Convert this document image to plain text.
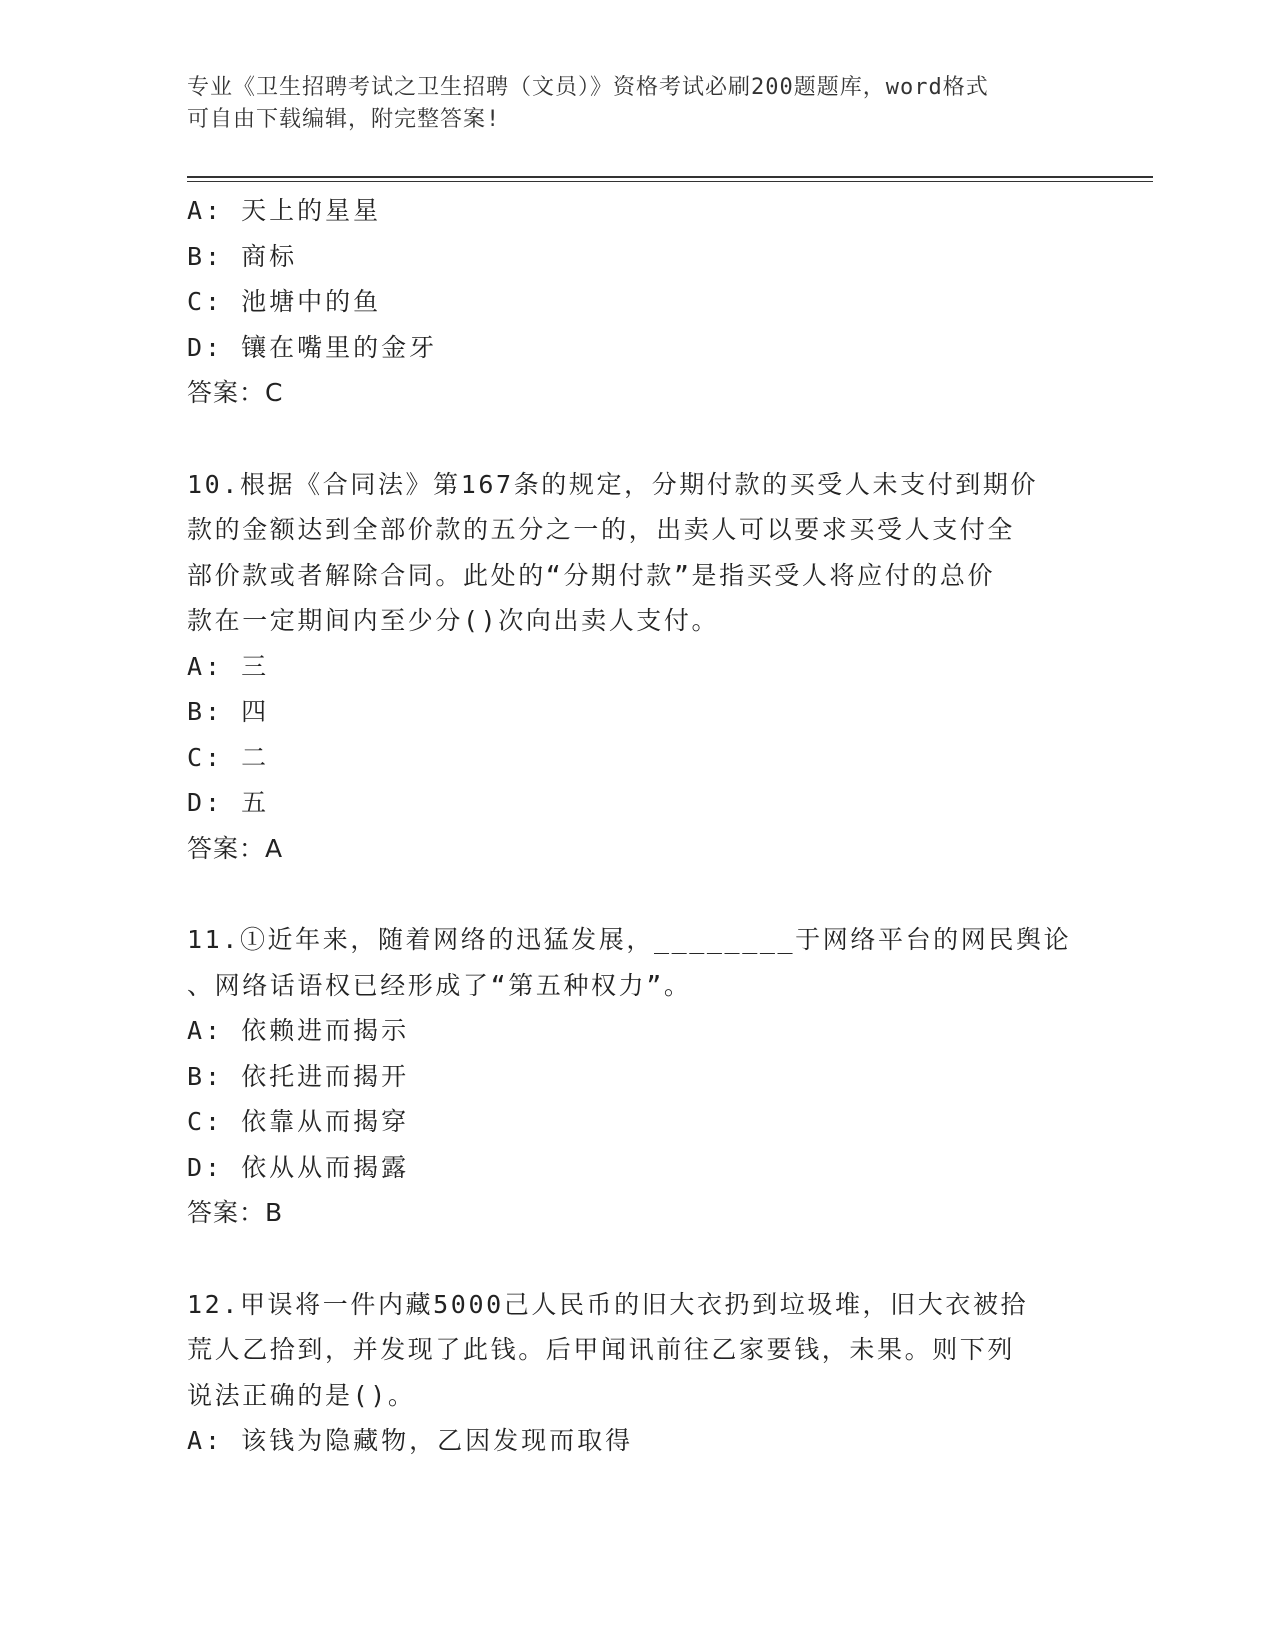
专业《卫生招聘考试之卫生招聘（文员）》资格考试必刷200题题库，word格式
可自由下载编辑，附完整答案!
A: 天上的星星
B: 商标
C: 池塘中的鱼
D: 镶在嘴里的金牙
答案：C
10.根据《合同法》第167条的规定，分期付款的买受人未支付到期价
款的金额达到全部价款的五分之一的，出卖人可以要求买受人支付全
部价款或者解除合同。此处的“分期付款”是指买受人将应付的总价
款在一定期间内至少分()次向出卖人支付。
A: 三
B: 四
C: 二
D: 五
答案：A
11.①近年来，随着网络的迅猛发展，________于网络平台的网民舆论
、网络话语权已经形成了“第五种权力”。
A: 依赖进而揭示
B: 依托进而揭开
C: 依靠从而揭穿
D: 依从从而揭露
答案：B
12.甲误将一件内藏5000己人民币的旧大衣扔到垃圾堆，旧大衣被拾
荒人乙拾到，并发现了此钱。后甲闻讯前往乙家要钱，未果。则下列
说法正确的是()。
A: 该钱为隐藏物，乙因发现而取得
